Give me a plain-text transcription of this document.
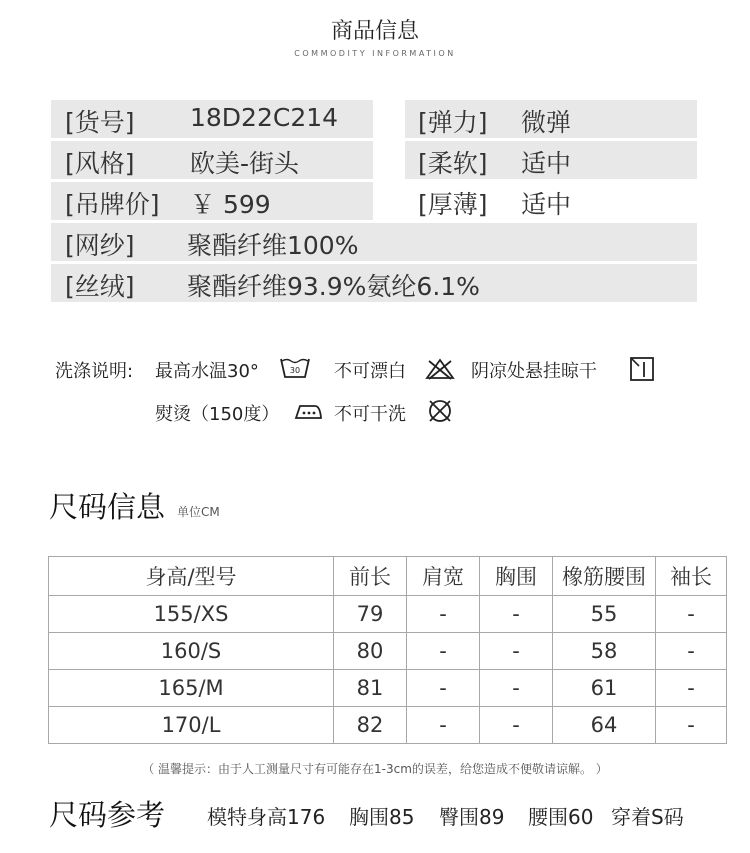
商品信息
COMMODITY INFORMATION
[货号] 18D22C214	[弹力] 微弹
[风格] 欧美-街头	[柔软] 适中
[吊牌价] ￥ 599	[厚薄] 适中
[网纱] 聚酯纤维100%
[丝绒] 聚酯纤维93.9%氨纶6.1%
洗涤说明: 最高水温30°	30 不可漂白	阴凉处悬挂晾干
熨烫（150度）	不可干洗
尺码信息 单位CM
身高/型号	前长	肩宽	胸围	橡筋腰围	袖长
155/XS	79	-	-	55	-
160/S	80	-	-	58	-
165/M	81	-	-	61	-
170/L	82	-	-	64	-
（ 温馨提示：由于人工测量尺寸有可能存在1-3cm的误差，给您造成不便敬请谅解。 ）
尺码参考 模特身高176 胸围85 臀围89 腰围60 穿着S码
